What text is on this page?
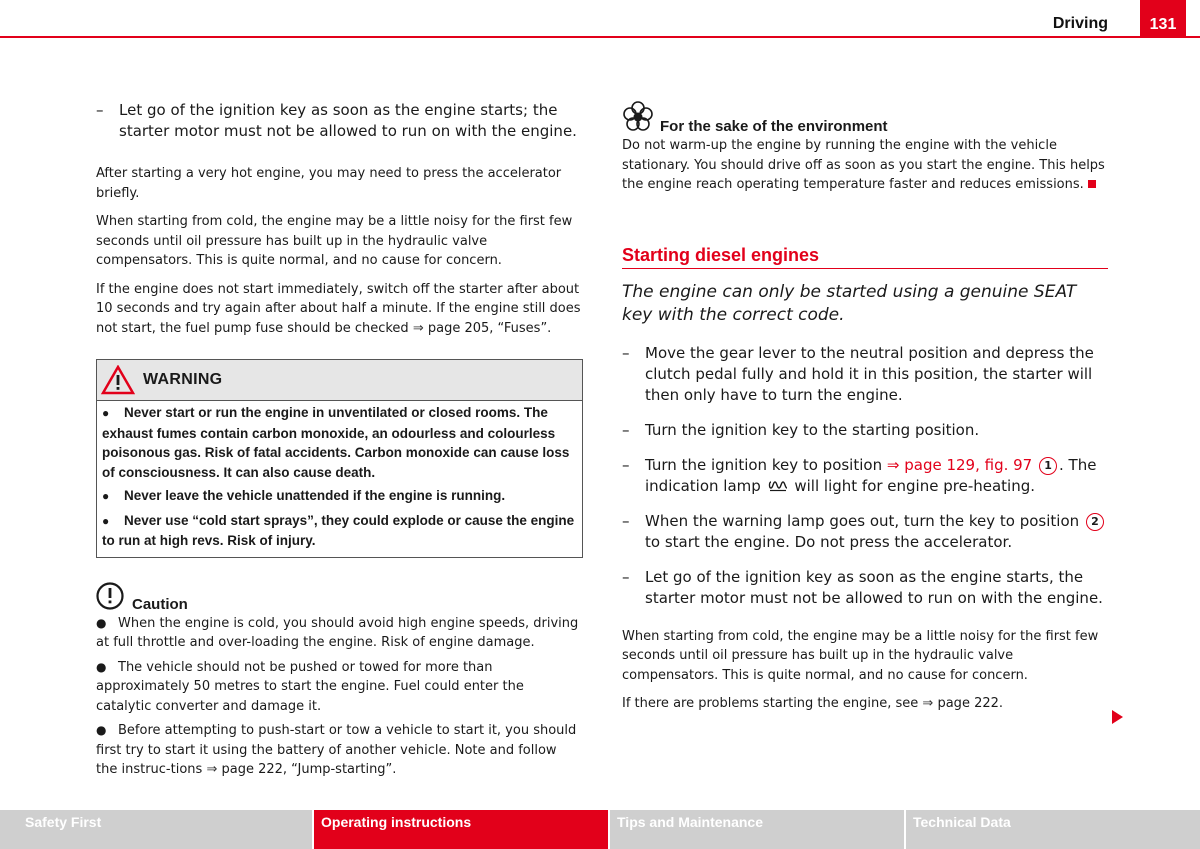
Driving	131
– Let go of the ignition key as soon as the engine starts; the starter motor must not be allowed to run on with the engine.

After starting a very hot engine, you may need to press the accelerator briefly.

When starting from cold, the engine may be a little noisy for the first few seconds until oil pressure has built up in the hydraulic valve compensators. This is quite normal, and no cause for concern.

If the engine does not start immediately, switch off the starter after about 10 seconds and try again after about half a minute. If the engine still does not start, the fuel pump fuse should be checked ⇒ page 205, “Fuses”.

WARNING

● Never start or run the engine in unventilated or closed rooms. The exhaust fumes contain carbon monoxide, an odourless and colourless poisonous gas. Risk of fatal accidents. Carbon monoxide can cause loss of consciousness. It can also cause death.

● Never leave the vehicle unattended if the engine is running.

● Never use “cold start sprays”, they could explode or cause the engine to run at high revs. Risk of injury.

Caution

● When the engine is cold, you should avoid high engine speeds, driving at full throttle and over-loading the engine. Risk of engine damage.

● The vehicle should not be pushed or towed for more than approximately 50 metres to start the engine. Fuel could enter the catalytic converter and damage it.

● Before attempting to push-start or tow a vehicle to start it, you should first try to start it using the battery of another vehicle. Note and follow the instruc-tions ⇒ page 222, “Jump-starting”.

For the sake of the environment

Do not warm-up the engine by running the engine with the vehicle stationary. You should drive off as soon as you start the engine. This helps the engine reach operating temperature faster and reduces emissions.

Starting diesel engines

The engine can only be started using a genuine SEAT key with the correct code.

– Move the gear lever to the neutral position and depress the clutch pedal fully and hold it in this position, the starter will then only have to turn the engine.
– Turn the ignition key to the starting position.
– Turn the ignition key to position ⇒ page 129, fig. 97 1 . The indication lamp will light for engine pre-heating.
– When the warning lamp goes out, turn the key to position 2 to start the engine. Do not press the accelerator.
– Let go of the ignition key as soon as the engine starts, the starter motor must not be allowed to run on with the engine.

When starting from cold, the engine may be a little noisy for the first few seconds until oil pressure has built up in the hydraulic valve compensators. This is quite normal, and no cause for concern.

If there are problems starting the engine, see ⇒ page 222.

Safety First	Operating instructions	Tips and Maintenance	Technical Data
